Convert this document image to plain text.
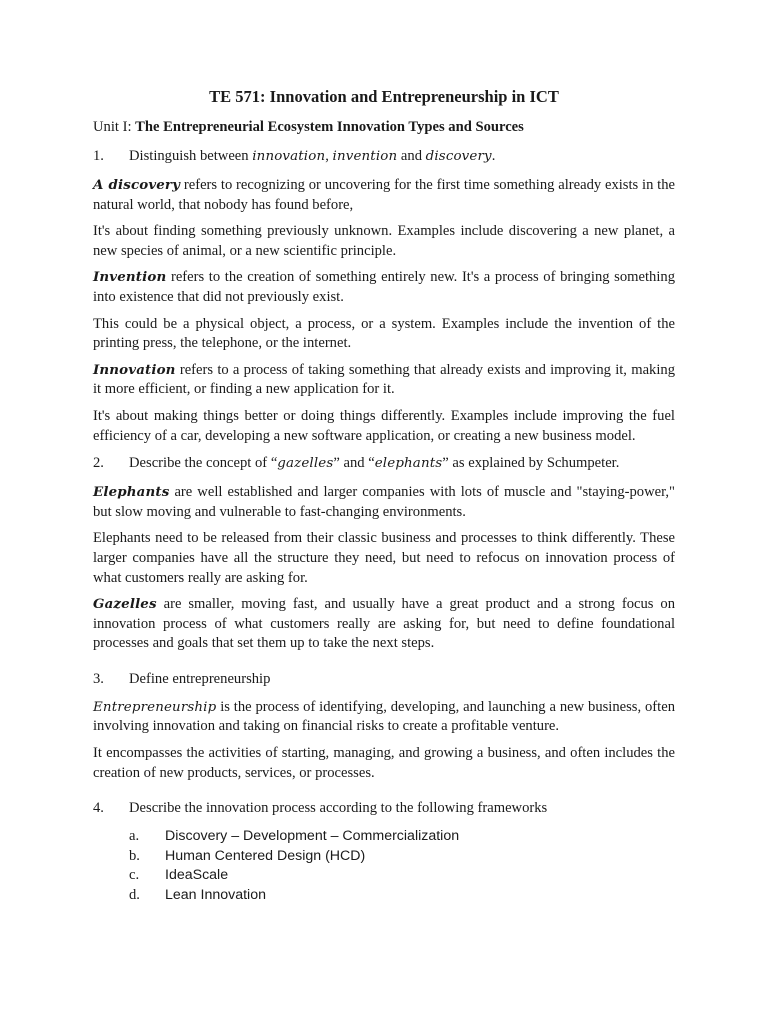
TE 571: Innovation and Entrepreneurship in ICT
Unit I: The Entrepreneurial Ecosystem Innovation Types and Sources
1.	Distinguish between innovation, invention and discovery.
A discovery refers to recognizing or uncovering for the first time something already exists in the natural world, that nobody has found before,
It's about finding something previously unknown. Examples include discovering a new planet, a new species of animal, or a new scientific principle.
Invention refers to the creation of something entirely new. It's a process of bringing something into existence that did not previously exist.
This could be a physical object, a process, or a system. Examples include the invention of the printing press, the telephone, or the internet.
Innovation refers to a process of taking something that already exists and improving it, making it more efficient, or finding a new application for it.
It's about making things better or doing things differently. Examples include improving the fuel efficiency of a car, developing a new software application, or creating a new business model.
2.	Describe the concept of “gazelles” and “elephants” as explained by Schumpeter.
Elephants are well established and larger companies with lots of muscle and "staying-power," but slow moving and vulnerable to fast-changing environments.
Elephants need to be released from their classic business and processes to think differently. These larger companies have all the structure they need, but need to refocus on innovation process of what customers really are asking for.
Gazelles are smaller, moving fast, and usually have a great product and a strong focus on innovation process of what customers really are asking for, but need to define foundational processes and goals that set them up to take the next steps.
3.	Define entrepreneurship
Entrepreneurship is the process of identifying, developing, and launching a new business, often involving innovation and taking on financial risks to create a profitable venture.
It encompasses the activities of starting, managing, and growing a business, and often includes the creation of new products, services, or processes.
4.	Describe the innovation process according to the following frameworks
a.	Discovery – Development – Commercialization
b.	Human Centered Design (HCD)
c.	IdeaScale
d.	Lean Innovation
